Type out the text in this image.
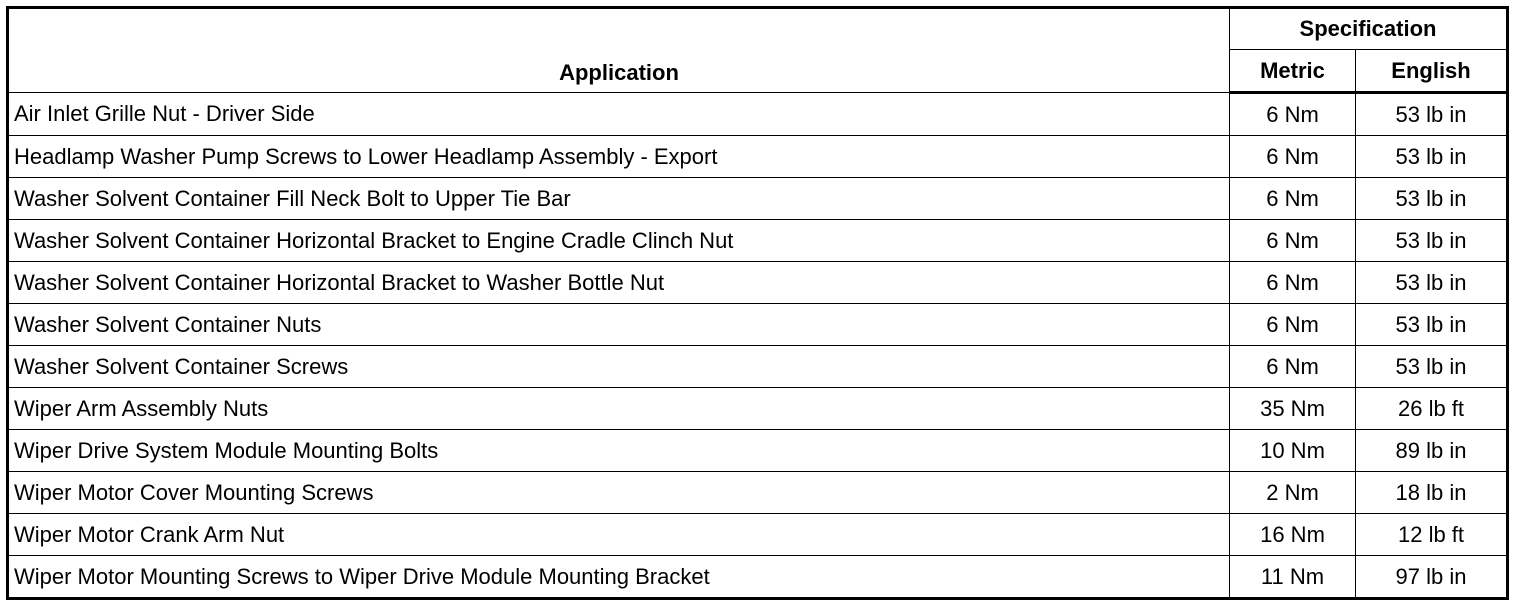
Application	Specification	
	Metric	English
Air Inlet Grille Nut - Driver Side	6 Nm	53 lb in
Headlamp Washer Pump Screws to Lower Headlamp Assembly - Export	6 Nm	53 lb in
Washer Solvent Container Fill Neck Bolt to Upper Tie Bar	6 Nm	53 lb in
Washer Solvent Container Horizontal Bracket to Engine Cradle Clinch Nut	6 Nm	53 lb in
Washer Solvent Container Horizontal Bracket to Washer Bottle Nut	6 Nm	53 lb in
Washer Solvent Container Nuts	6 Nm	53 lb in
Washer Solvent Container Screws	6 Nm	53 lb in
Wiper Arm Assembly Nuts	35 Nm	26 lb ft
Wiper Drive System Module Mounting Bolts	10 Nm	89 lb in
Wiper Motor Cover Mounting Screws	2 Nm	18 lb in
Wiper Motor Crank Arm Nut	16 Nm	12 lb ft
Wiper Motor Mounting Screws to Wiper Drive Module Mounting Bracket	11 Nm	97 lb in
